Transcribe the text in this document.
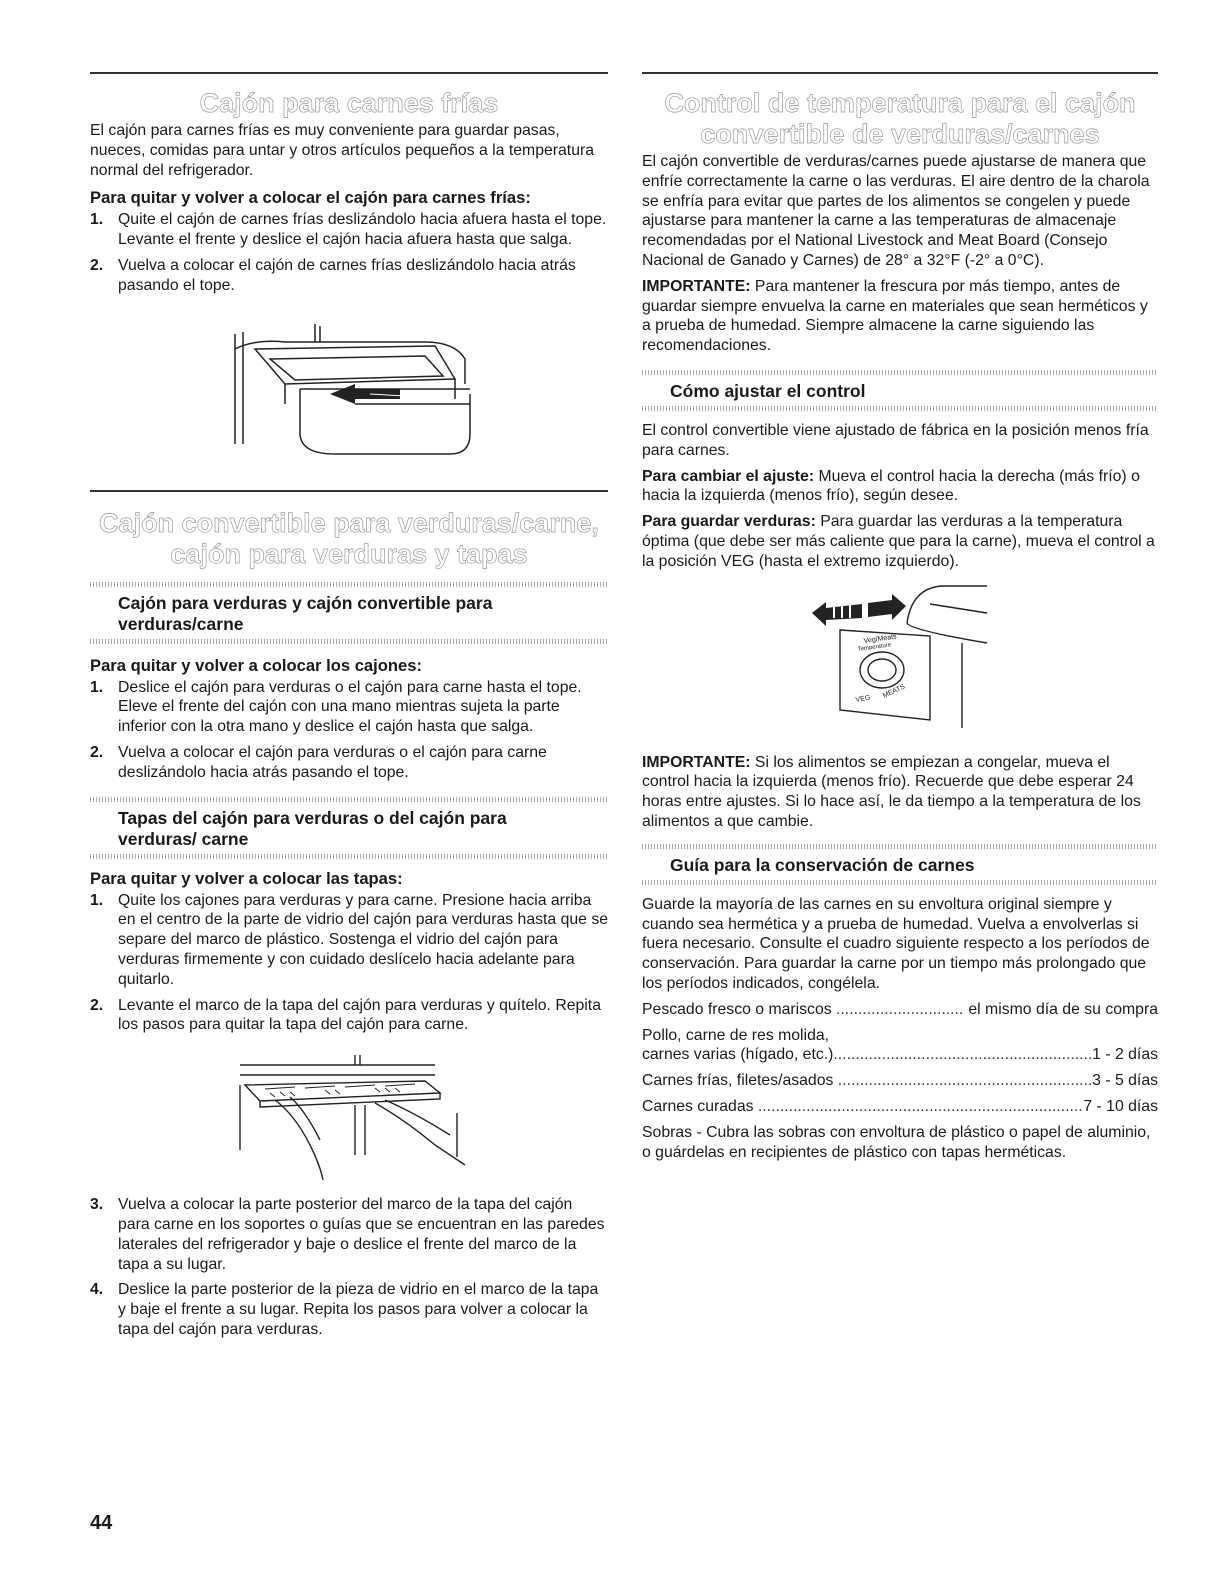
Cajón para carnes frías

El cajón para carnes frías es muy conveniente para guardar pasas, nueces, comidas para untar y otros artículos pequeños a la temperatura normal del refrigerador.

Para quitar y volver a colocar el cajón para carnes frías:

1. Quite el cajón de carnes frías deslizándolo hacia afuera hasta el tope. Levante el frente y deslice el cajón hacia afuera hasta que salga.
2. Vuelva a colocar el cajón de carnes frías deslizándolo hacia atrás pasando el tope.
Cajón convertible para verduras/carne,
cajón para verduras y tapas
Cajón para verduras y cajón convertible para verduras/carne

Para quitar y volver a colocar los cajones:

1. Deslice el cajón para verduras o el cajón para carne hasta el tope. Eleve el frente del cajón con una mano mientras sujeta la parte inferior con la otra mano y deslice el cajón hasta que salga.
2. Vuelva a colocar el cajón para verduras o el cajón para carne deslizándolo hacia atrás pasando el tope.
Tapas del cajón para verduras o del cajón para verduras/ carne

Para quitar y volver a colocar las tapas:

1. Quite los cajones para verduras y para carne. Presione hacia arriba en el centro de la parte de vidrio del cajón para verduras hasta que se separe del marco de plástico. Sostenga el vidrio del cajón para verduras firmemente y con cuidado deslícelo hacia adelante para quitarlo.
2. Levante el marco de la tapa del cajón para verduras y quítelo. Repita los pasos para quitar la tapa del cajón para carne.
3. Vuelva a colocar la parte posterior del marco de la tapa del cajón para carne en los soportes o guías que se encuentran en las paredes laterales del refrigerador y baje o deslice el frente del marco de la tapa a su lugar.
4. Deslice la parte posterior de la pieza de vidrio en el marco de la tapa y baje el frente a su lugar. Repita los pasos para volver a colocar la tapa del cajón para verduras.
Control de temperatura para el cajón
convertible de verduras/carnes

El cajón convertible de verduras/carnes puede ajustarse de manera que enfríe correctamente la carne o las verduras. El aire dentro de la charola se enfría para evitar que partes de los alimentos se congelen y puede ajustarse para mantener la carne a las temperaturas de almacenaje recomendadas por el National Livestock and Meat Board (Consejo Nacional de Ganado y Carnes) de 28° a 32°F (-2° a 0°C).

IMPORTANTE: Para mantener la frescura por más tiempo, antes de guardar siempre envuelva la carne en materiales que sean herméticos y a prueba de humedad. Siempre almacene la carne siguiendo las recomendaciones.

Cómo ajustar el control

El control convertible viene ajustado de fábrica en la posición menos fría para carnes.

Para cambiar el ajuste: Mueva el control hacia la derecha (más frío) o hacia la izquierda (menos frío), según desee.

Para guardar verduras: Para guardar las verduras a la temperatura óptima (que debe ser más caliente que para la carne), mueva el control a la posición VEG (hasta el extremo izquierdo).

Veg/Meats
Temperature
VEG MEATS

IMPORTANTE: Si los alimentos se empiezan a congelar, mueva el control hacia la izquierda (menos frío). Recuerde que debe esperar 24 horas entre ajustes. Si lo hace así, le da tiempo a la temperatura de los alimentos a que cambie.

Guía para la conservación de carnes

Guarde la mayoría de las carnes en su envoltura original siempre y cuando sea hermética y a prueba de humedad. Vuelva a envolverlas si fuera necesario. Consulte el cuadro siguiente respecto a los períodos de conservación. Para guardar la carne por un tiempo más prolongado que los períodos indicados, congélela.

Pescado fresco o mariscos
.....
	el mismo día de su compra
Pollo, carne de res molida,
carnes varias (hígado, etc.) .....	1 - 2 días
Carnes frías, filetes/asados
.....	3 - 5 días
Carnes curadas
.....	7 - 10 días

Sobras - Cubra las sobras con envoltura de plástico o papel de aluminio, o guárdelas en recipientes de plástico con tapas herméticas.

44
